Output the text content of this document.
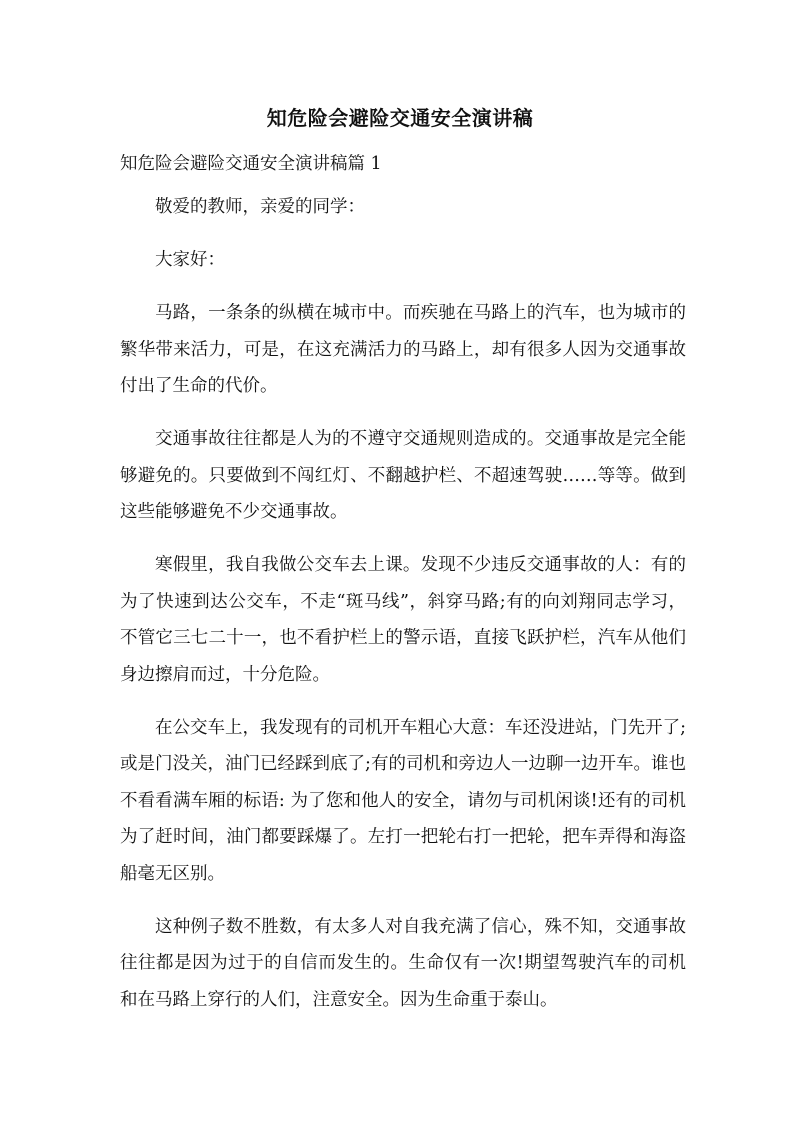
知危险会避险交通安全演讲稿
知危险会避险交通安全演讲稿篇 1

敬爱的教师，亲爱的同学：

大家好：

马路，一条条的纵横在城市中。而疾驰在马路上的汽车，也为城市的繁华带来活力，可是，在这充满活力的马路上，却有很多人因为交通事故付出了生命的代价。

交通事故往往都是人为的不遵守交通规则造成的。交通事故是完全能够避免的。只要做到不闯红灯、不翻越护栏、不超速驾驶……等等。做到这些能够避免不少交通事故。

寒假里，我自我做公交车去上课。发现不少违反交通事故的人：有的为了快速到达公交车，不走“斑马线”，斜穿马路;有的向刘翔同志学习，不管它三七二十一，也不看护栏上的警示语，直接飞跃护栏，汽车从他们身边擦肩而过，十分危险。

在公交车上，我发现有的司机开车粗心大意：车还没进站，门先开了;或是门没关，油门已经踩到底了;有的司机和旁边人一边聊一边开车。谁也不看看满车厢的标语: 为了您和他人的安全，请勿与司机闲谈!还有的司机为了赶时间，油门都要踩爆了。左打一把轮右打一把轮，把车弄得和海盗船毫无区别。

这种例子数不胜数，有太多人对自我充满了信心，殊不知，交通事故往往都是因为过于的自信而发生的。生命仅有一次!期望驾驶汽车的司机和在马路上穿行的人们，注意安全。因为生命重于泰山。
